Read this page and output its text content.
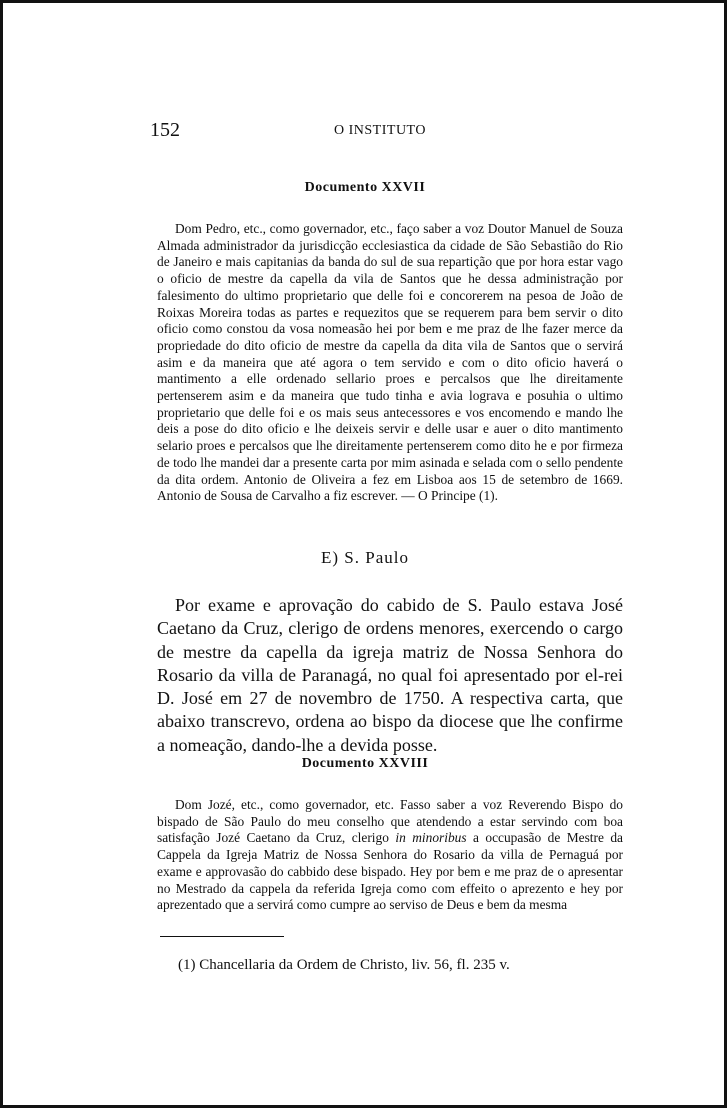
152	O INSTITUTO
Documento XXVII

Dom Pedro, etc., como governador, etc., faço saber a voz Doutor Manuel de Souza Almada administrador da jurisdicção ecclesiastica da cidade de São Sebastião do Rio de Janeiro e mais capitanias da banda do sul de sua repartição que por hora estar vago o oficio de mestre da capella da vila de Santos que he dessa administração por falesimento do ultimo proprietario que delle foi e concorerem na pesoa de João de Roixas Moreira todas as partes e requezitos que se requerem para bem servir o dito oficio como constou da vosa nomeasão hei por bem e me praz de lhe fazer merce da propriedade do dito oficio de mestre da capella da dita vila de Santos que o servirá asim e da maneira que até agora o tem servido e com o dito oficio haverá o mantimento a elle ordenado sellario proes e percalsos que lhe direitamente pertenserem asim e da maneira que tudo tinha e avia lograva e posuhia o ultimo proprietario que delle foi e os mais seus antecessores e vos encomendo e mando lhe deis a pose do dito oficio e lhe deixeis servir e delle usar e auer o dito mantimento selario proes e percalsos que lhe direitamente pertenserem como dito he e por firmeza de todo lhe mandei dar a presente carta por mim asinada e selada com o sello pendente da dita ordem. Antonio de Oliveira a fez em Lisboa aos 15 de setembro de 1669. Antonio de Sousa de Carvalho a fiz escrever. — O Principe (1).

E) S. Paulo

Por exame e aprovação do cabido de S. Paulo estava José Caetano da Cruz, clerigo de ordens menores, exercendo o cargo de mestre da capella da igreja matriz de Nossa Senhora do Rosario da villa de Paranagá, no qual foi apresentado por el-rei D. José em 27 de novembro de 1750. A respectiva carta, que abaixo transcrevo, ordena ao bispo da diocese que lhe confirme a nomeação, dando-lhe a devida posse.

Documento XXVIII

Dom Jozé, etc., como governador, etc. Fasso saber a voz Reverendo Bispo do bispado de São Paulo do meu conselho que atendendo a estar servindo com boa satisfação Jozé Caetano da Cruz, clerigo in minoribus a occupasão de Mestre da Cappela da Igreja Matriz de Nossa Senhora do Rosario da villa de Pernaguá por exame e approvasão do cabbido dese bispado. Hey por bem e me praz de o apresentar no Mestrado da cappela da referida Igreja como com effeito o aprezento e hey por aprezentado que a servirá como cumpre ao serviso de Deus e bem da mesma

(1) Chancellaria da Ordem de Christo, liv. 56, fl. 235 v.
